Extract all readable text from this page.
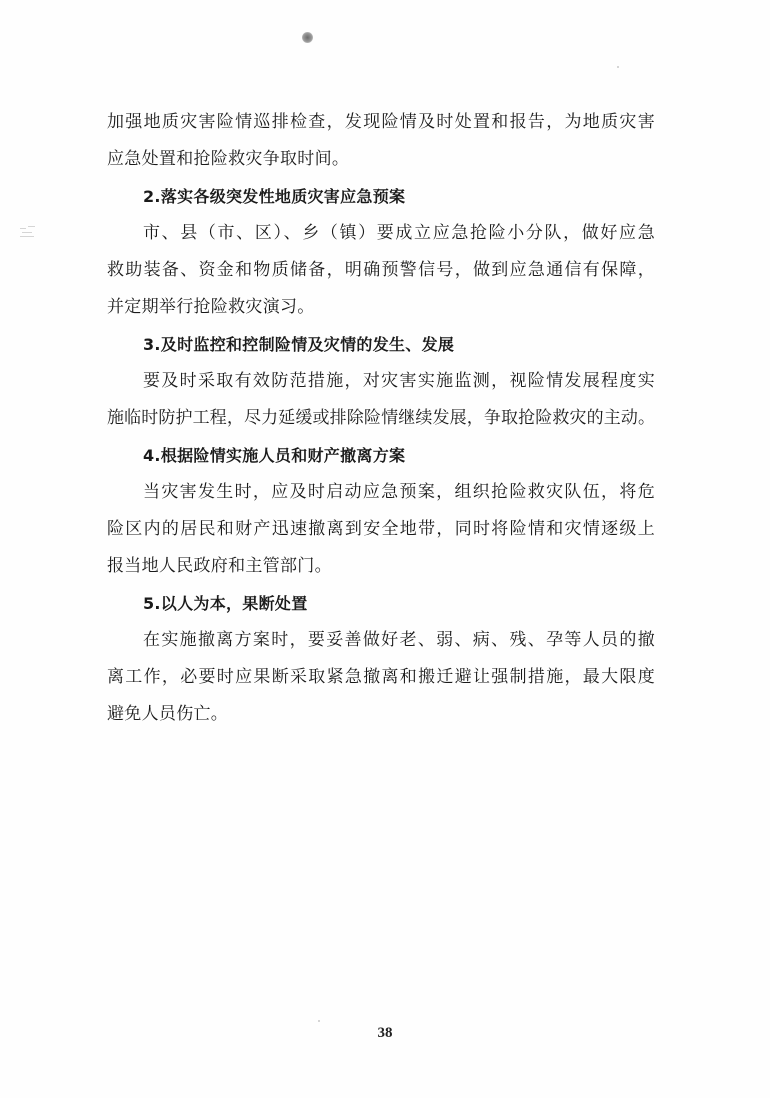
加强地质灾害险情巡排检查，发现险情及时处置和报告，为地质灾害
应急处置和抢险救灾争取时间。
2.落实各级突发性地质灾害应急预案
市、县（市、区）、乡（镇）要成立应急抢险小分队，做好应急
救助装备、资金和物质储备，明确预警信号，做到应急通信有保障，
并定期举行抢险救灾演习。
3.及时监控和控制险情及灾情的发生、发展
要及时采取有效防范措施，对灾害实施监测，视险情发展程度实
施临时防护工程，尽力延缓或排除险情继续发展，争取抢险救灾的主动。
4.根据险情实施人员和财产撤离方案
当灾害发生时，应及时启动应急预案，组织抢险救灾队伍，将危
险区内的居民和财产迅速撤离到安全地带，同时将险情和灾情逐级上
报当地人民政府和主管部门。
5.以人为本，果断处置
在实施撤离方案时，要妥善做好老、弱、病、残、孕等人员的撤
离工作，必要时应果断采取紧急撤离和搬迁避让强制措施，最大限度
避免人员伤亡。
38
